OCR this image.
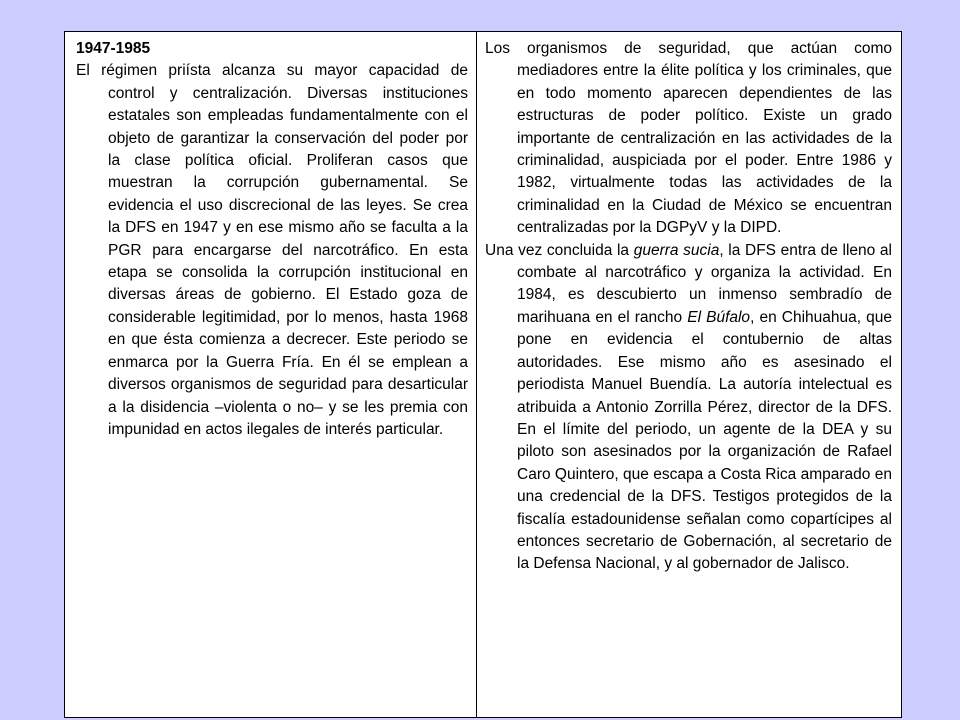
1947-1985

El régimen priísta alcanza su mayor capacidad de control y centralización. Diversas instituciones estatales son empleadas fundamentalmente con el objeto de garantizar la conservación del poder por la clase política oficial. Proliferan casos que muestran la corrupción gubernamental. Se evidencia el uso discrecional de las leyes. Se crea la DFS en 1947 y en ese mismo año se faculta a la PGR para encargarse del narcotráfico. En esta etapa se consolida la corrupción institucional en diversas áreas de gobierno. El Estado goza de considerable legitimidad, por lo menos, hasta 1968 en que ésta comienza a decrecer. Este periodo se enmarca por la Guerra Fría. En él se emplean a diversos organismos de seguridad para desarticular a la disidencia –violenta o no– y se les premia con impunidad en actos ilegales de interés particular.

Los organismos de seguridad, que actúan como mediadores entre la élite política y los criminales, que en todo momento aparecen dependientes de las estructuras de poder político. Existe un grado importante de centralización en las actividades de la criminalidad, auspiciada por el poder. Entre 1986 y 1982, virtualmente todas las actividades de la criminalidad en la Ciudad de México se encuentran centralizadas por la DGPyV y la DIPD.

Una vez concluida la guerra sucia, la DFS entra de lleno al combate al narcotráfico y organiza la actividad. En 1984, es descubierto un inmenso sembradío de marihuana en el rancho El Búfalo, en Chihuahua, que pone en evidencia el contubernio de altas autoridades. Ese mismo año es asesinado el periodista Manuel Buendía. La autoría intelectual es atribuida a Antonio Zorrilla Pérez, director de la DFS. En el límite del periodo, un agente de la DEA y su piloto son asesinados por la organización de Rafael Caro Quintero, que escapa a Costa Rica amparado en una credencial de la DFS. Testigos protegidos de la fiscalía estadounidense señalan como copartícipes al entonces secretario de Gobernación, al secretario de la Defensa Nacional, y al gobernador de Jalisco.
